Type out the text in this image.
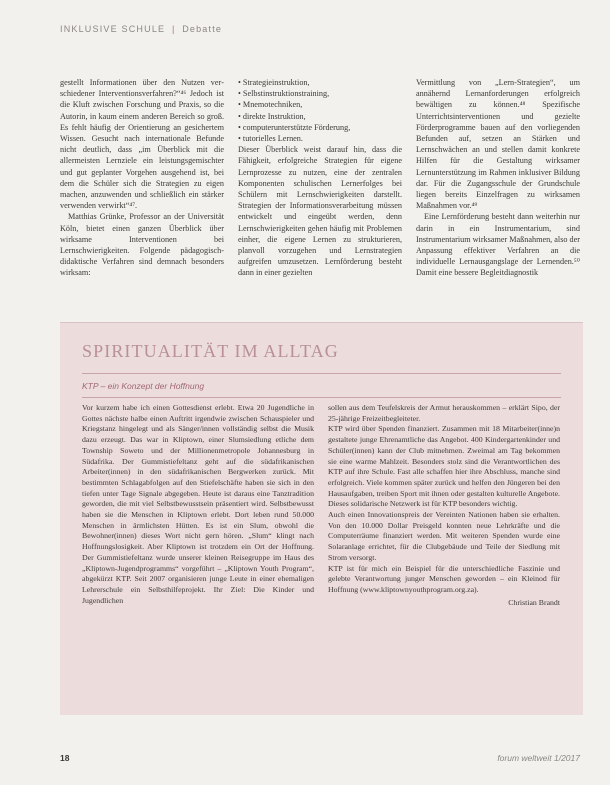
INKLUSIVE SCHULE | Debatte

gestellt Informationen über den Nutzen verschiedener Interventionsverfahren?“⁴⁶ Jedoch ist die Kluft zwischen Forschung und Praxis, so die Autorin, in kaum einem anderen Bereich so groß. Es fehlt häufig der Orientierung an gesichertem Wissen. Gesucht nach internationale Befunde nicht deutlich, dass „im Überblick mit die allermeisten Lernziele ein leistungsgemischter und gut geplanter Vorgehen ausgehend ist, bei dem die Schüler sich die Strategien zu eigen machen, anzuwenden und schließlich ein stärker verwenden verwirkt“⁴⁷.

Matthias Grünke, Professor an der Universität Köln, bietet einen ganzen Überblick über wirksame Interventionen bei Lernschwierigkeiten. Folgende pädagogisch-didaktische Verfahren sind demnach besonders wirksam:

• Strategieinstruktion,
• Selbstinstruktionstraining,
• Mnemotechniken,
• direkte Instruktion,
• computerunterstützte Förderung,
• tutorielles Lernen.

Dieser Überblick weist darauf hin, dass die Fähigkeit, erfolgreiche Strategien für eigene Lernprozesse zu nutzen, eine der zentralen Komponenten schulischen Lernerfolges bei Schülern mit Lernschwierigkeiten darstellt. Strategien der Informationsverarbeitung müssen entwickelt und eingeübt werden, denn Lernschwierigkeiten gehen häufig mit Problemen einher, die eigene Lernen zu strukturieren, planvoll vorzugehen und Lernstrategien aufgreifen umzusetzen. Lernförderung besteht dann in einer gezielten

Vermittlung von „Lern-Strategien“, um annähernd Lernanforderungen erfolgreich bewältigen zu können.⁴⁸ Spezifische Unterrichtsinterventionen und gezielte Förderprogramme bauen auf den vorliegenden Befunden auf, setzen an Stärken und Lernschwächen an und stellen damit konkrete Hilfen für die Gestaltung wirksamer Lernunterstützung im Rahmen inklusiver Bildung dar. Für die Zugangsschule der Grundschule liegen bereits Einzelfragen zu wirksamen Maßnahmen vor.⁴⁹

Eine Lernförderung besteht dann weiterhin nur darin in ein Instrumentarium, sind Instrumentarium wirksamer Maßnahmen, also der Anpassung effektiver Verfahren an die individuelle Lernausgangslage der Lernenden.⁵⁰ Damit eine bessere Begleitdiagnostik

SPIRITUALITÄT IM ALLTAG
KTP – ein Konzept der Hoffnung

Vor kurzem habe ich einen Gottesdienst erlebt. Etwa 20 Jugendliche in Gottes nächste halbe einen Auftritt irgendwie zwischen Schauspieler und Kriegstanz hingelegt und als Sänger/innen vollständig selbst die Musik dazu erzeugt. Das war in Kliptown, einer Slumsiedlung etliche dem Township Soweto und der Millionenmetropole Johannesburg in Südafrika. Der Gummistiefeltanz geht auf die südafrikanischen Arbeiter(innen) in den südafrikanischen Bergwerken zurück. Mit bestimmten Schlagabfolgen auf den Stiefelschäfte haben sie sich in den tiefen unter Tage Signale abgegeben. Heute ist daraus eine Tanztradition geworden, die mit viel Selbstbewusstsein präsentiert wird. Selbstbewusst haben sie die Menschen in Kliptown erlebt. Dort leben rund 50.000 Menschen in ärmlichsten Hütten. Es ist ein Slum, obwohl die Bewohner(innen) dieses Wort nicht gern hören. „Slum“ klingt nach Hoffnungslosigkeit. Aber Kliptown ist trotzdem ein Ort der Hoffnung. Der Gummistiefeltanz wurde unserer kleinen Reisegruppe im Haus des „Kliptown-Jugendprogramms“ vorgeführt – „Kliptown Youth Program“, abgekürzt KTP. Seit 2007 organisieren junge Leute in einer ehemaligen Lehrerschule ein Selbsthilfeprojekt. Ihr Ziel: Die Kinder und Jugendlichen

sollen aus dem Teufelskreis der Armut herauskommen – erklärt Sipo, der 25-jährige Freizeitbegleiteter.
KTP wird über Spenden finanziert. Zusammen mit 18 Mitarbeiter(inne)n gestaltete junge Ehrenamtliche das Angebot. 400 Kindergartenkinder und Schüler(innen) kann der Club mitnehmen. Zweimal am Tag bekommen sie eine warme Mahlzeit. Besonders stolz sind die Verantwortlichen des KTP auf ihre Schule. Fast alle schaffen hier ihre Abschluss, manche sind erfolgreich. Viele kommen später zurück und helfen den Jüngeren bei den Hausaufgaben, treiben Sport mit ihnen oder gestalten kulturelle Angebote. Dieses solidarische Netzwerk ist für KTP besonders wichtig.
Auch einen Innovationspreis der Vereinten Nationen haben sie erhalten. Von den 10.000 Dollar Preisgeld konnten neue Lehrkräfte und die Computerräume finanziert werden. Mit weiteren Spenden wurde eine Solaranlage errichtet, für die Clubgebäude und Teile der Siedlung mit Strom versorgt.
KTP ist für mich ein Beispiel für die unterschiedliche Faszinie und gelebte Verantwortung junger Menschen geworden – ein Kleinod für Hoffnung (www.kliptownyouthprogram.org.za).

Christian Brandt

18	forum weltweit 1/2017
